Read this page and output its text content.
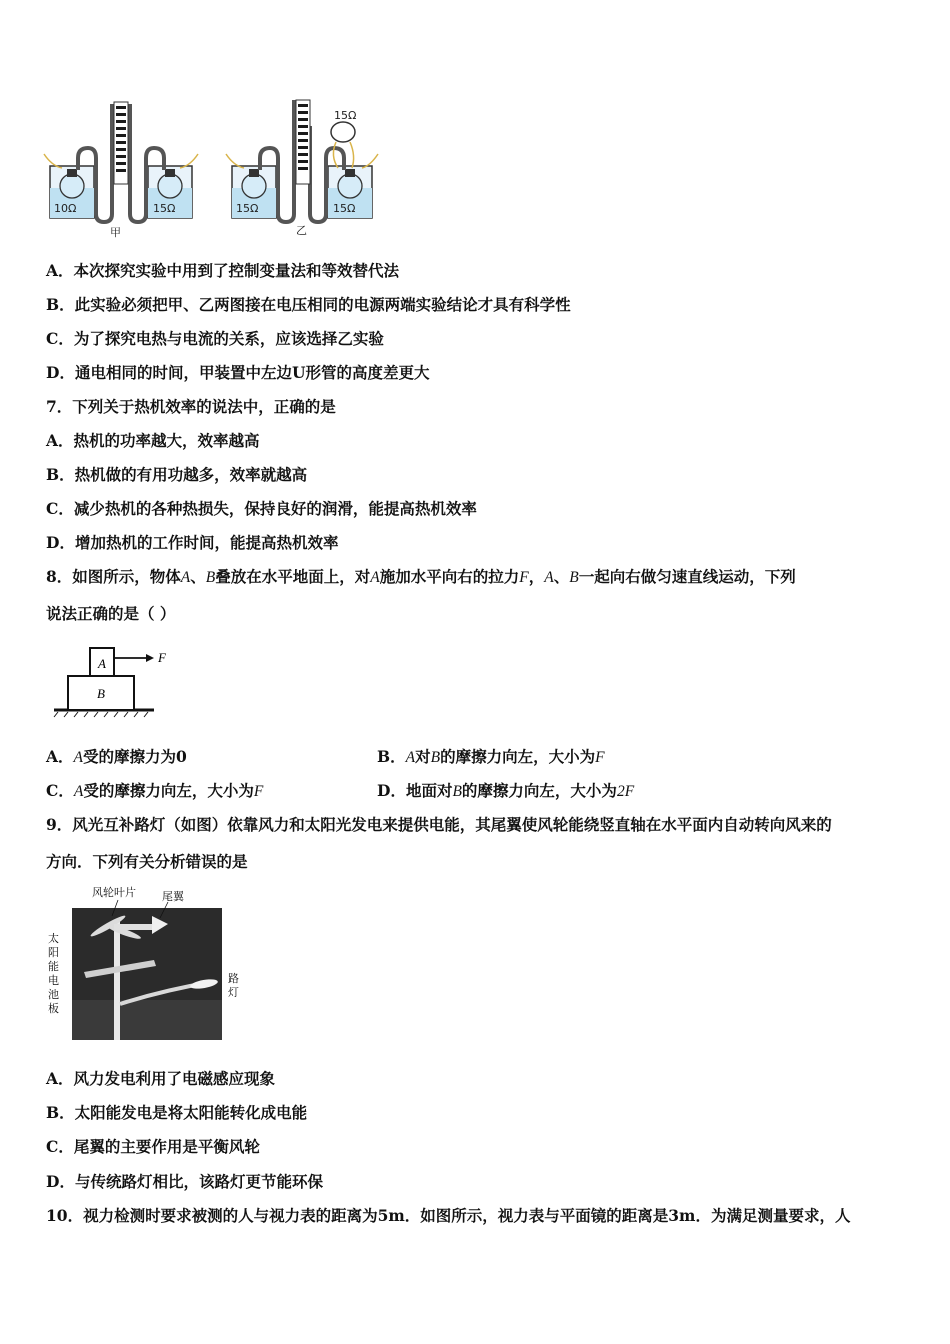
10Ω	15Ω
甲
15Ω
15Ω	15Ω
乙
A．本次探究实验中用到了控制变量法和等效替代法
B．此实验必须把甲、乙两图接在电压相同的电源两端实验结论才具有科学性
C．为了探究电热与电流的关系，应该选择乙实验
D．通电相同的时间，甲装置中左边U形管的高度差更大
7．下列关于热机效率的说法中，正确的是
A．热机的功率越大，效率越高
B．热机做的有用功越多，效率就越高
C．减少热机的各种热损失，保持良好的润滑，能提高热机效率
D．增加热机的工作时间，能提高热机效率
8．如图所示，物体A、B叠放在水平地面上，对A施加水平向右的拉力F，A、B一起向右做匀速直线运动，下列
说法正确的是（ ）
A
B
F
A．A受的摩擦力为0	B．A对B的摩擦力向左，大小为F
C．A受的摩擦力向左，大小为F	D．地面对B的摩擦力向左，大小为2F
9．风光互补路灯（如图）依靠风力和太阳光发电来提供电能，其尾翼使风轮能绕竖直轴在水平面内自动转向风来的
方向．下列有关分析错误的是
风轮叶片 尾翼
太
阳
能
电
池
板
路
灯
A．风力发电利用了电磁感应现象
B．太阳能发电是将太阳能转化成电能
C．尾翼的主要作用是平衡风轮
D．与传统路灯相比，该路灯更节能环保
10．视力检测时要求被测的人与视力表的距离为5m．如图所示，视力表与平面镜的距离是3m．为满足测量要求，人
